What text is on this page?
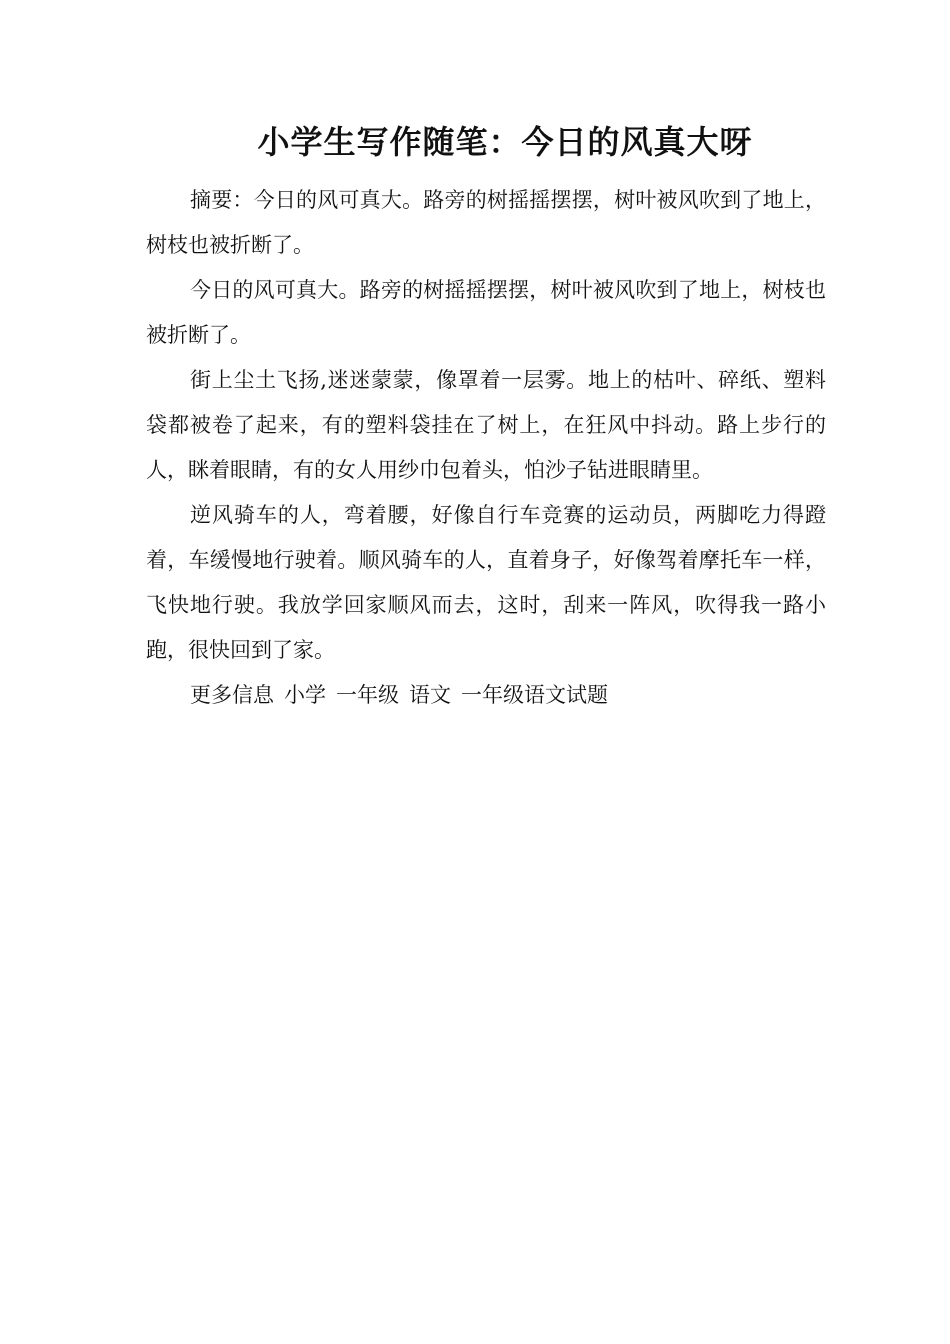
小学生写作随笔：今日的风真大呀

摘要：今日的风可真大。路旁的树摇摇摆摆，树叶被风吹到了地上，树枝也被折断了。

今日的风可真大。路旁的树摇摇摆摆，树叶被风吹到了地上，树枝也被折断了。

街上尘土飞扬,迷迷蒙蒙，像罩着一层雾。地上的枯叶、碎纸、塑料袋都被卷了起来，有的塑料袋挂在了树上，在狂风中抖动。路上步行的人，眯着眼睛，有的女人用纱巾包着头，怕沙子钻进眼睛里。

逆风骑车的人，弯着腰，好像自行车竞赛的运动员，两脚吃力得蹬着，车缓慢地行驶着。顺风骑车的人，直着身子，好像驾着摩托车一样，飞快地行驶。我放学回家顺风而去，这时，刮来一阵风，吹得我一路小跑，很快回到了家。

更多信息 小学 一年级 语文 一年级语文试题
